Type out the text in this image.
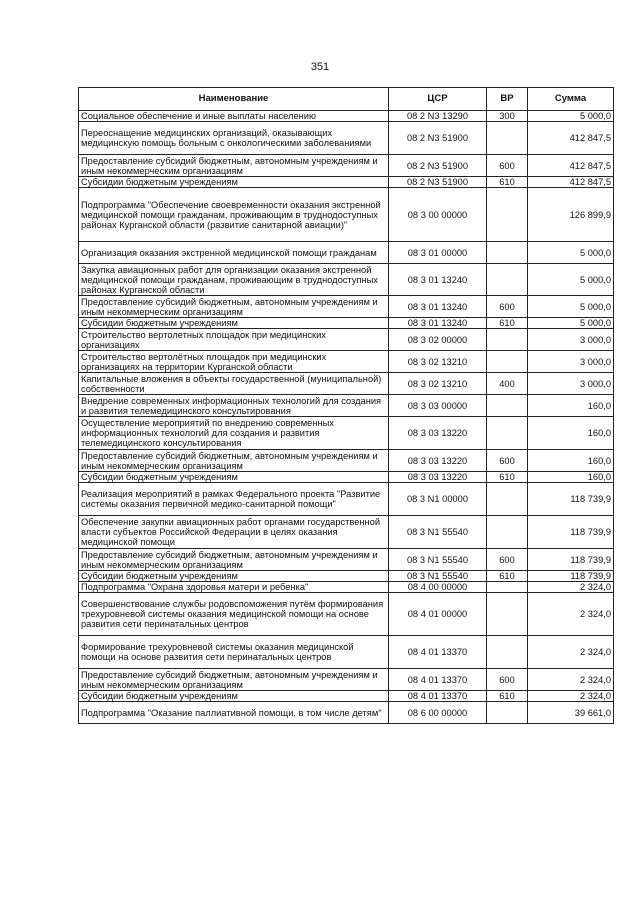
351
Наименование	ЦСР	ВР	Сумма
Социальное обеспечение и иные выплаты населению	08 2 N3 13290	300	5 000,0
Переоснащение медицинских организаций, оказывающих медицинскую помощь больным с онкологическими заболеваниями	08 2 N3 51900		412 847,5
Предоставление субсидий бюджетным, автономным учреждениям и иным некоммерческим организациям	08 2 N3 51900	600	412 847,5
Субсидии бюджетным учреждениям	08 2 N3 51900	610	412 847,5
Подпрограмма "Обеспечение своевременности оказания экстренной медицинской помощи гражданам, проживающим в труднодоступных районах Курганской области (развитие санитарной авиации)"	08 3 00 00000		126 899,9
Организация оказания экстренной медицинской помощи гражданам	08 3 01 00000		5 000,0
Закупка авиационных работ для организации оказания экстренной медицинской помощи гражданам, проживающим в труднодоступных районах Курганской области	08 3 01 13240		5 000,0
Предоставление субсидий бюджетным, автономным учреждениям и иным некоммерческим организациям	08 3 01 13240	600	5 000,0
Субсидии бюджетным учреждениям	08 3 01 13240	610	5 000,0
Строительство вертолетных площадок при медицинских организациях	08 3 02 00000		3 000,0
Строительство вертолётных площадок при медицинских организациях на территории Курганской области	08 3 02 13210		3 000,0
Капитальные вложения в объекты государственной (муниципальной) собственности	08 3 02 13210	400	3 000,0
Внедрение современных информационных технологий для создания и развития телемедицинского консультирования	08 3 03 00000		160,0
Осуществление мероприятий по внедрению современных информационных технологий для создания и развития телемедицинского консультирования	08 3 03 13220		160,0
Предоставление субсидий бюджетным, автономным учреждениям и иным некоммерческим организациям	08 3 03 13220	600	160,0
Субсидии бюджетным учреждениям	08 3 03 13220	610	160,0
Реализация мероприятий в рамках Федерального проекта "Развитие системы оказания первичной медико-санитарной помощи"	08 3 N1 00000		118 739,9
Обеспечение закупки авиационных работ органами государственной власти субъектов Российской Федерации в целях оказания медицинской помощи	08 3 N1 55540		118 739,9
Предоставление субсидий бюджетным, автономным учреждениям и иным некоммерческим организациям	08 3 N1 55540	600	118 739,9
Субсидии бюджетным учреждениям	08 3 N1 55540	610	118 739,9
Подпрограмма "Охрана здоровья матери и ребенка"	08 4 00 00000		2 324,0
Совершенствование службы родовспоможения путём формирования трехуровневой системы оказания медицинской помощи на основе развития сети перинатальных центров	08 4 01 00000		2 324,0
Формирование трехуровневой системы оказания медицинской помощи на основе развития сети перинатальных центров	08 4 01 13370		2 324,0
Предоставление субсидий бюджетным, автономным учреждениям и иным некоммерческим организациям	08 4 01 13370	600	2 324,0
Субсидии бюджетным учреждениям	08 4 01 13370	610	2 324,0
Подпрограмма "Оказание паллиативной помощи, в том числе детям"	08 6 00 00000		39 661,0
